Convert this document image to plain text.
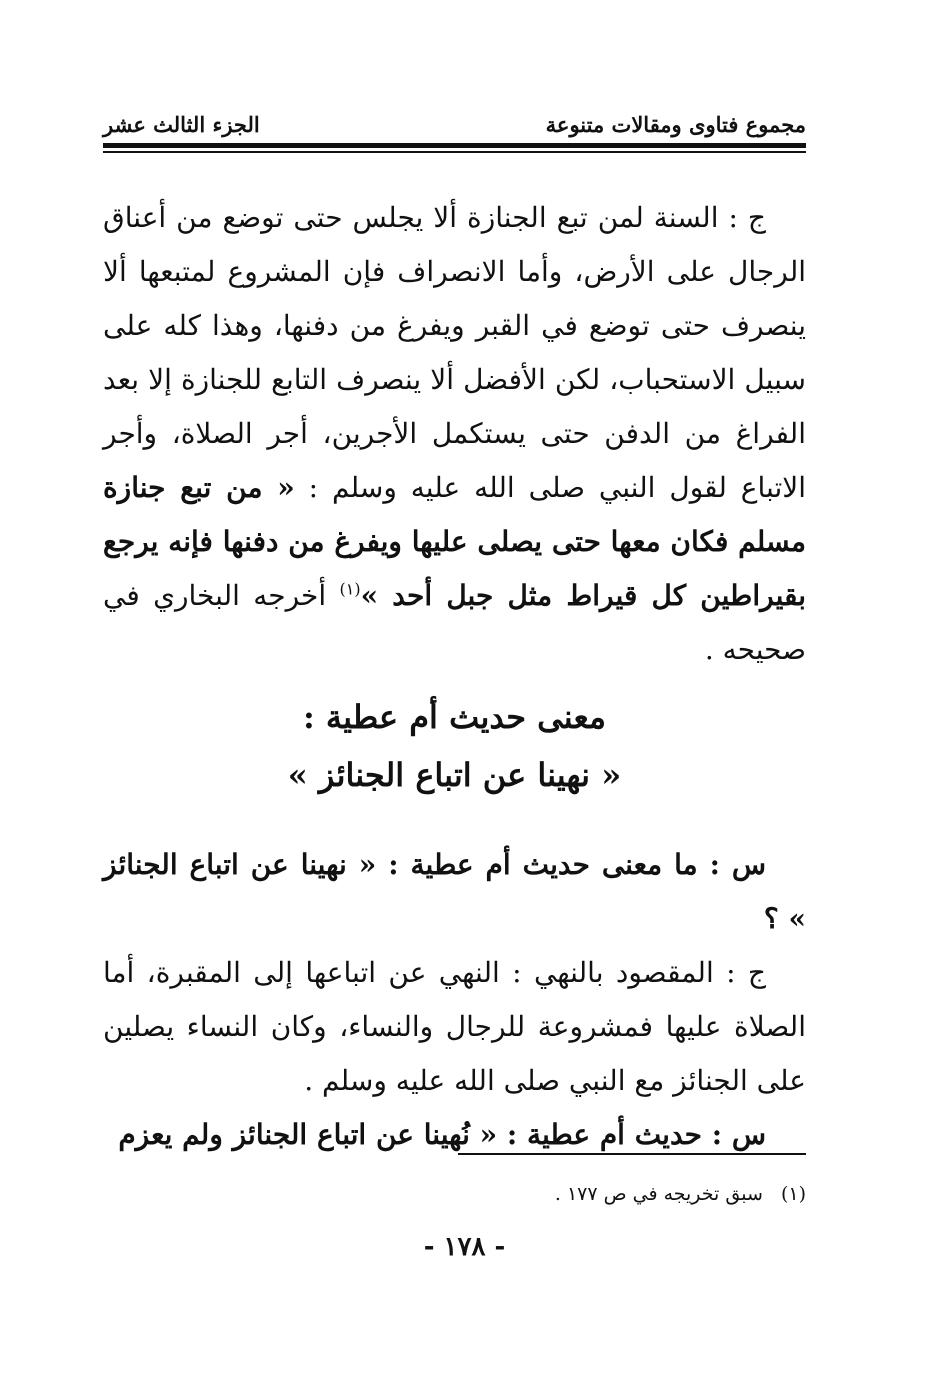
مجموع فتاوى ومقالات متنوعة
الجزء الثالث عشر

ج : السنة لمن تبع الجنازة ألا يجلس حتى توضع من أعناق الرجال على الأرض، وأما الانصراف فإن المشروع لمتبعها ألا ينصرف حتى توضع في القبر ويفرغ من دفنها، وهذا كله على سبيل الاستحباب، لكن الأفضل ألا ينصرف التابع للجنازة إلا بعد الفراغ من الدفن حتى يستكمل الأجرين، أجر الصلاة، وأجر الاتباع لقول النبي صلى الله عليه وسلم : « من تبع جنازة مسلم فكان معها حتى يصلى عليها ويفرغ من دفنها فإنه يرجع بقيراطين كل قيراط مثل جبل أحد »$^{(١)}$ أخرجه البخاري في صحيحه .

معنى حديث أم عطية :
« نهينا عن اتباع الجنائز »

س : ما معنى حديث أم عطية : « نهينا عن اتباع الجنائز » ؟

ج : المقصود بالنهي : النهي عن اتباعها إلى المقبرة، أما الصلاة عليها فمشروعة للرجال والنساء، وكان النساء يصلين على الجنائز مع النبي صلى الله عليه وسلم .

س : حديث أم عطية : « نُهينا عن اتباع الجنائز ولم يعزم

(١) سبق تخريجه في ص ١٧٧ .
- ١٧٨ -
